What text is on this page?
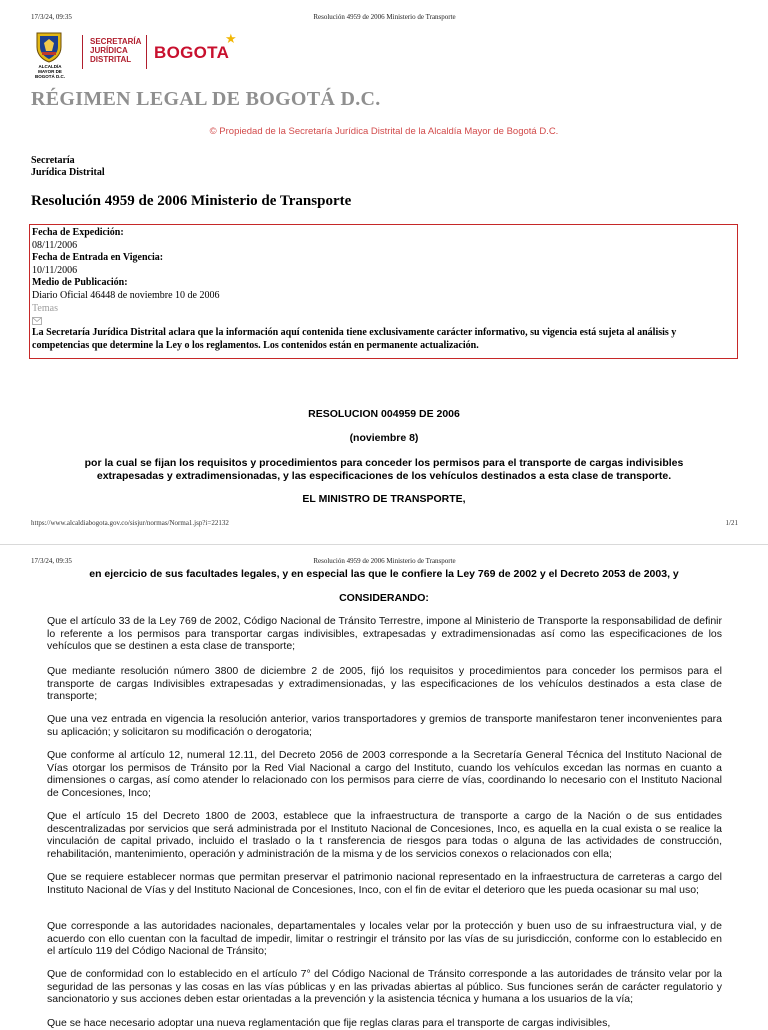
17/3/24, 09:35	Resolución 4959 de 2006 Ministerio de Transporte
ALCALDÍA MAYOR DE BOGOTÁ D.C.
SECRETARÍA
JURÍDICA
DISTRITAL	BOGOTA
★
RÉGIMEN LEGAL DE BOGOTÁ D.C.
© Propiedad de la Secretaría Jurídica Distrital de la Alcaldía Mayor de Bogotá D.C.
Secretaría
Jurídica Distrital
Resolución 4959 de 2006 Ministerio de Transporte
Fecha de Expedición:
08/11/2006
Fecha de Entrada en Vigencia:
10/11/2006
Medio de Publicación:
Diario Oficial 46448 de noviembre 10 de 2006
Temas
La Secretaría Jurídica Distrital aclara que la información aquí contenida tiene exclusivamente carácter informativo, su vigencia está sujeta al análisis y competencias que determine la Ley o los reglamentos. Los contenidos están en permanente actualización.
RESOLUCION 004959 DE 2006
(noviembre 8)
por la cual se fijan los requisitos y procedimientos para conceder los permisos para el transporte de cargas indivisibles extrapesadas y extradimensionadas, y las especificaciones de los vehículos destinados a esta clase de transporte.
EL MINISTRO DE TRANSPORTE,
https://www.alcaldiabogota.gov.co/sisjur/normas/Norma1.jsp?i=22132	1/21
17/3/24, 09:35	Resolución 4959 de 2006 Ministerio de Transporte
en ejercicio de sus facultades legales, y en especial las que le confiere la Ley 769 de 2002 y el Decreto 2053 de 2003, y
CONSIDERANDO:
Que el artículo 33 de la Ley 769 de 2002, Código Nacional de Tránsito Terrestre, impone al Ministerio de Transporte la responsabilidad de definir lo referente a los permisos para transportar cargas indivisibles, extrapesadas y extradimensionadas así como las especificaciones de los vehículos que se destinen a esta clase de transporte;
Que mediante resolución número 3800 de diciembre 2 de 2005, fijó los requisitos y procedimientos para conceder los permisos para el transporte de cargas Indivisibles extrapesadas y extradimensionadas, y las especificaciones de los vehículos destinados a esta clase de transporte;
Que una vez entrada en vigencia la resolución anterior, varios transportadores y gremios de transporte manifestaron tener inconvenientes para su aplicación; y solicitaron su modificación o derogatoria;
Que conforme al artículo 12, numeral 12.11, del Decreto 2056 de 2003 corresponde a la Secretaría General Técnica del Instituto Nacional de Vías otorgar los permisos de Tránsito por la Red Vial Nacional a cargo del Instituto, cuando los vehículos excedan las normas en cuanto a dimensiones o cargas, así como atender lo relacionado con los permisos para cierre de vías, coordinando lo necesario con el Instituto Nacional de Concesiones, Inco;
Que el artículo 15 del Decreto 1800 de 2003, establece que la infraestructura de transporte a cargo de la Nación o de sus entidades descentralizadas por servicios que será administrada por el Instituto Nacional de Concesiones, Inco, es aquella en la cual exista o se realice la vinculación de capital privado, incluido el traslado o la t ransferencia de riesgos para todas o alguna de las actividades de construcción, rehabilitación, mantenimiento, operación y administración de la misma y de los servicios conexos o relacionados con ella;
Que se requiere establecer normas que permitan preservar el patrimonio nacional representado en la infraestructura de carreteras a cargo del Instituto Nacional de Vías y del Instituto Nacional de Concesiones, Inco, con el fin de evitar el deterioro que les pueda ocasionar su mal uso;
Que corresponde a las autoridades nacionales, departamentales y locales velar por la protección y buen uso de su infraestructura vial, y de acuerdo con ello cuentan con la facultad de impedir, limitar o restringir el tránsito por las vías de su jurisdicción, conforme con lo establecido en el artículo 119 del Código Nacional de Tránsito;
Que de conformidad con lo establecido en el artículo 7° del Código Nacional de Tránsito corresponde a las autoridades de tránsito velar por la seguridad de las personas y las cosas en las vías públicas y en las privadas abiertas al público. Sus funciones serán de carácter regulatorio y sancionatorio y sus acciones deben estar orientadas a la prevención y la asistencia técnica y humana a los usuarios de la vía;
Que se hace necesario adoptar una nueva reglamentación que fije reglas claras para el transporte de cargas indivisibles,
